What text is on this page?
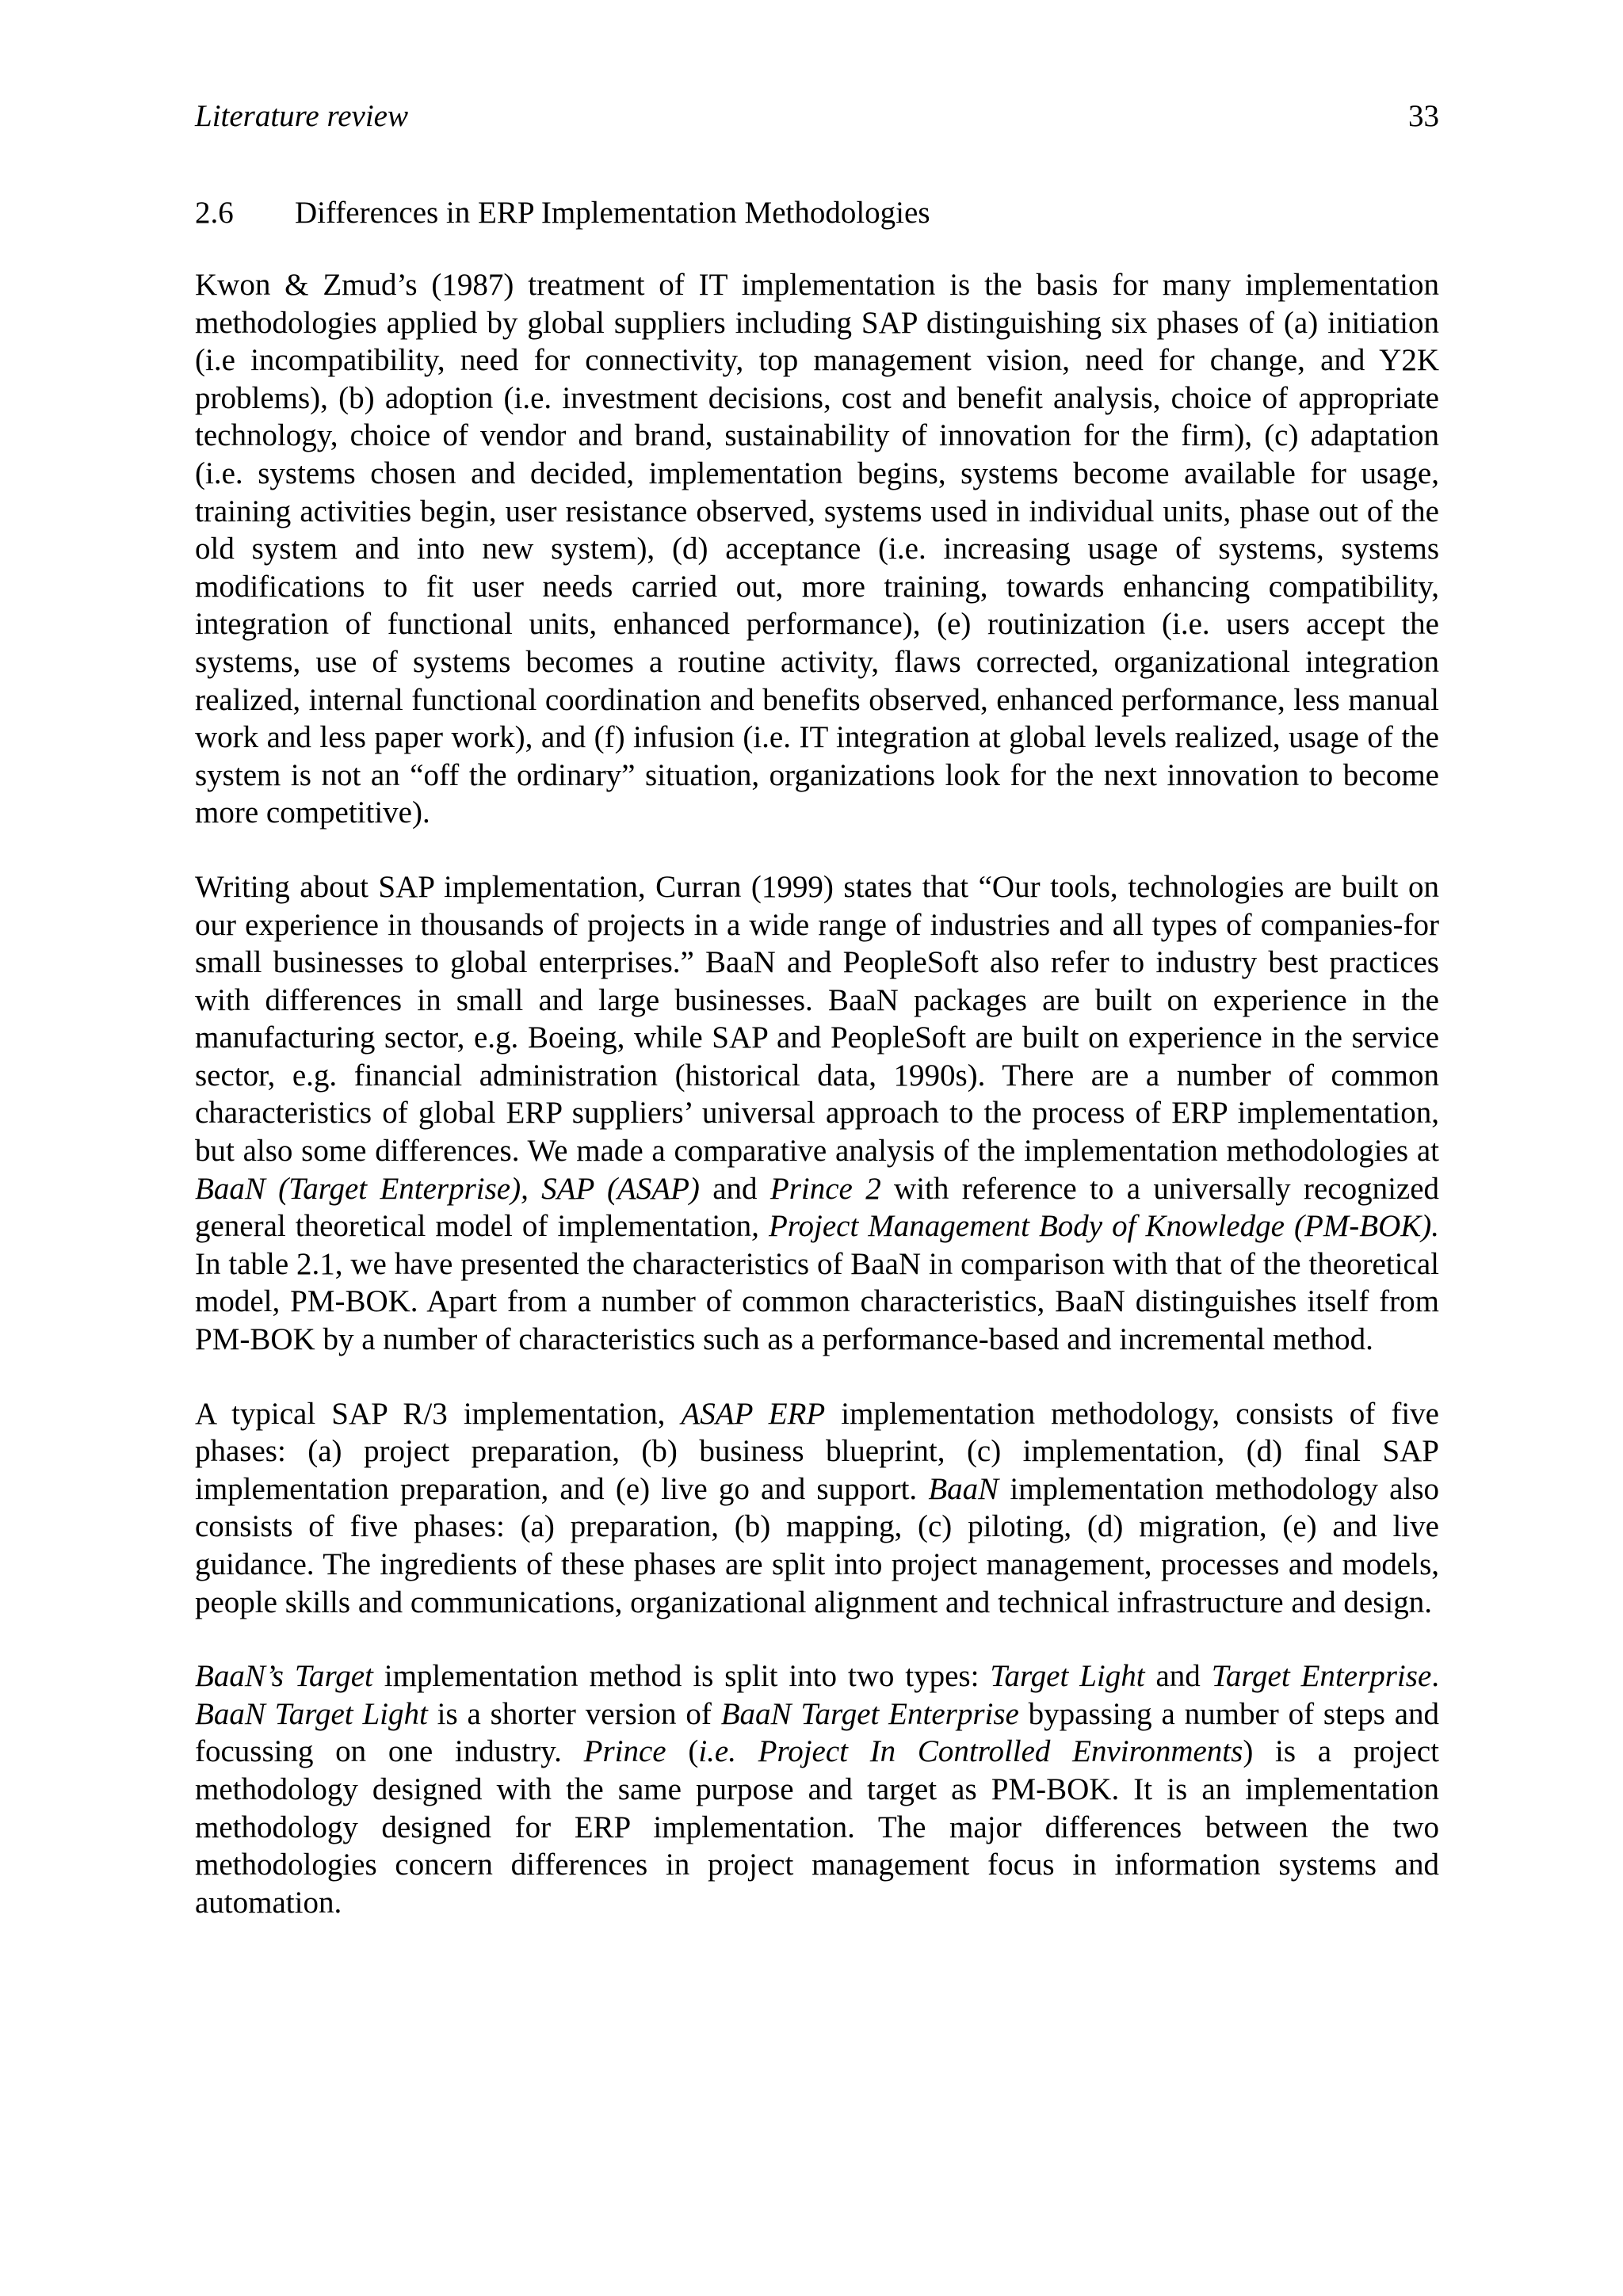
Literature review	33
2.6 Differences in ERP Implementation Methodologies

Kwon & Zmud’s (1987) treatment of IT implementation is the basis for many implementation methodologies applied by global suppliers including SAP distinguishing six phases of (a) initiation (i.e incompatibility, need for connectivity, top management vision, need for change, and Y2K problems), (b) adoption (i.e. investment decisions, cost and benefit analysis, choice of appropriate technology, choice of vendor and brand, sustainability of innovation for the firm), (c) adaptation (i.e. systems chosen and decided, implementation begins, systems become available for usage, training activities begin, user resistance observed, systems used in individual units, phase out of the old system and into new system), (d) acceptance (i.e. increasing usage of systems, systems modifications to fit user needs carried out, more training, towards enhancing compatibility, integration of functional units, enhanced performance), (e) routinization (i.e. users accept the systems, use of systems becomes a routine activity, flaws corrected, organizational integration realized, internal functional coordination and benefits observed, enhanced performance, less manual work and less paper work), and (f) infusion (i.e. IT integration at global levels realized, usage of the system is not an “off the ordinary” situation, organizations look for the next innovation to become more competitive).

Writing about SAP implementation, Curran (1999) states that “Our tools, technologies are built on our experience in thousands of projects in a wide range of industries and all types of companies-for small businesses to global enterprises.” BaaN and PeopleSoft also refer to industry best practices with differences in small and large businesses. BaaN packages are built on experience in the manufacturing sector, e.g. Boeing, while SAP and PeopleSoft are built on experience in the service sector, e.g. financial administration (historical data, 1990s). There are a number of common characteristics of global ERP suppliers’ universal approach to the process of ERP implementation, but also some differences. We made a comparative analysis of the implementation methodologies at BaaN (Target Enterprise), SAP (ASAP) and Prince 2 with reference to a universally recognized general theoretical model of implementation, Project Management Body of Knowledge (PM-BOK). In table 2.1, we have presented the characteristics of BaaN in comparison with that of the theoretical model, PM-BOK. Apart from a number of common characteristics, BaaN distinguishes itself from PM-BOK by a number of characteristics such as a performance-based and incremental method.

A typical SAP R/3 implementation, ASAP ERP implementation methodology, consists of five phases: (a) project preparation, (b) business blueprint, (c) implementation, (d) final SAP implementation preparation, and (e) live go and support. BaaN implementation methodology also consists of five phases: (a) preparation, (b) mapping, (c) piloting, (d) migration, (e) and live guidance. The ingredients of these phases are split into project management, processes and models, people skills and communications, organizational alignment and technical infrastructure and design.

BaaN’s Target implementation method is split into two types: Target Light and Target Enterprise. BaaN Target Light is a shorter version of BaaN Target Enterprise bypassing a number of steps and focussing on one industry. Prince (i.e. Project In Controlled Environments) is a project methodology designed with the same purpose and target as PM-BOK. It is an implementation methodology designed for ERP implementation. The major differences between the two methodologies concern differences in project management focus in information systems and automation.
